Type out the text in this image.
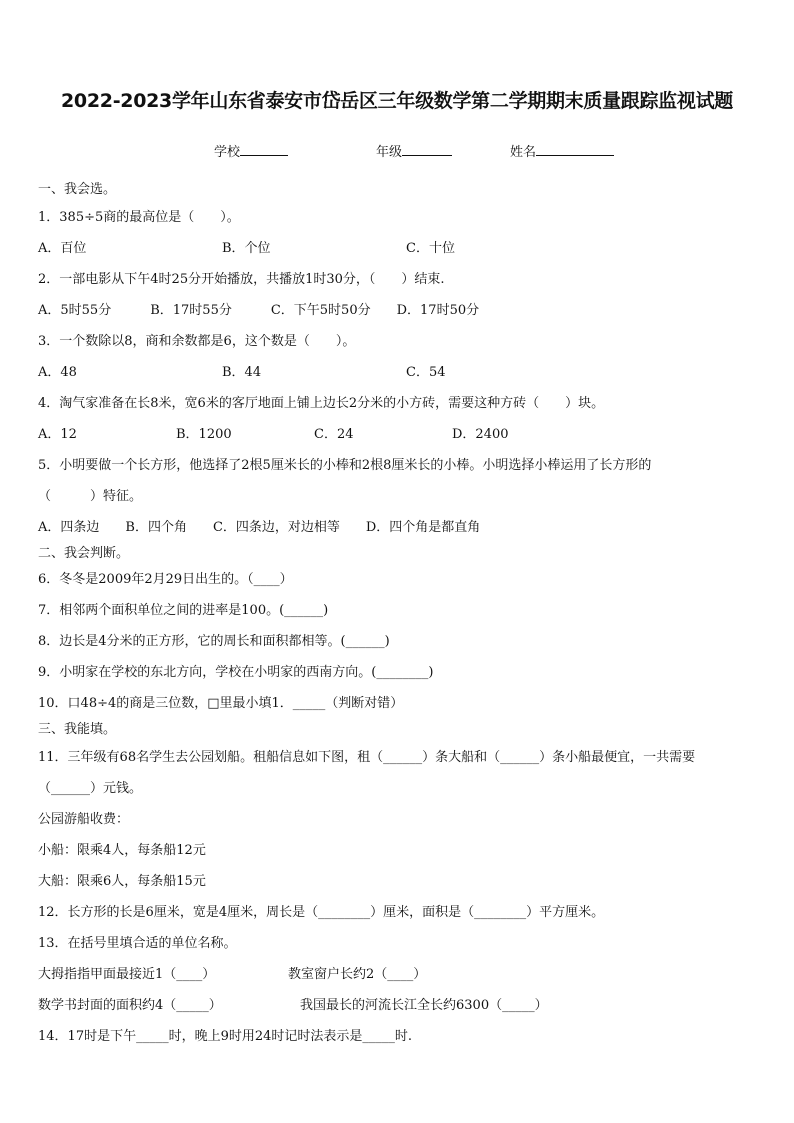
2022-2023学年山东省泰安市岱岳区三年级数学第二学期期末质量跟踪监视试题
学校	年级	姓名
一、我会选。
1．385÷5商的最高位是（　　）。
A．百位	B．个位	C．十位
2．一部电影从下午4时25分开始播放，共播放1时30分，（　　）结束.
A．5时55分　　　B．17时55分　　　C．下午5时50分　　D．17时50分
3．一个数除以8，商和余数都是6，这个数是（　　）。
A．48	B．44	C．54
4．淘气家准备在长8米，宽6米的客厅地面上铺上边长2分米的小方砖，需要这种方砖（　　）块。
A．12	B．1200	C．24	D．2400
5．小明要做一个长方形，他选择了2根5厘米长的小棒和2根8厘米长的小棒。小明选择小棒运用了长方形的
（　　　）特征。
A．四条边　　B．四个角　　C．四条边，对边相等　　D．四个角是都直角
二、我会判断。
6．冬冬是2009年2月29日出生的。（____）
7．相邻两个面积单位之间的进率是100。(______)
8．边长是4分米的正方形，它的周长和面积都相等。(______)
9．小明家在学校的东北方向，学校在小明家的西南方向。(________)
10．口48÷4的商是三位数，□里最小填1．_____（判断对错）
三、我能填。
11．三年级有68名学生去公园划船。租船信息如下图，租（______）条大船和（______）条小船最便宜，一共需要
（______）元钱。
公园游船收费：
小船：限乘4人，每条船12元
大船：限乘6人，每条船15元
12．长方形的长是6厘米，宽是4厘米，周长是（________）厘米，面积是（________）平方厘米。
13．在括号里填合适的单位名称。
大拇指指甲面最接近1（____）	教室窗户长约2（____）
数学书封面的面积约4（_____）	我国最长的河流长江全长约6300（_____）
14．17时是下午_____时，晚上9时用24时记时法表示是_____时.
